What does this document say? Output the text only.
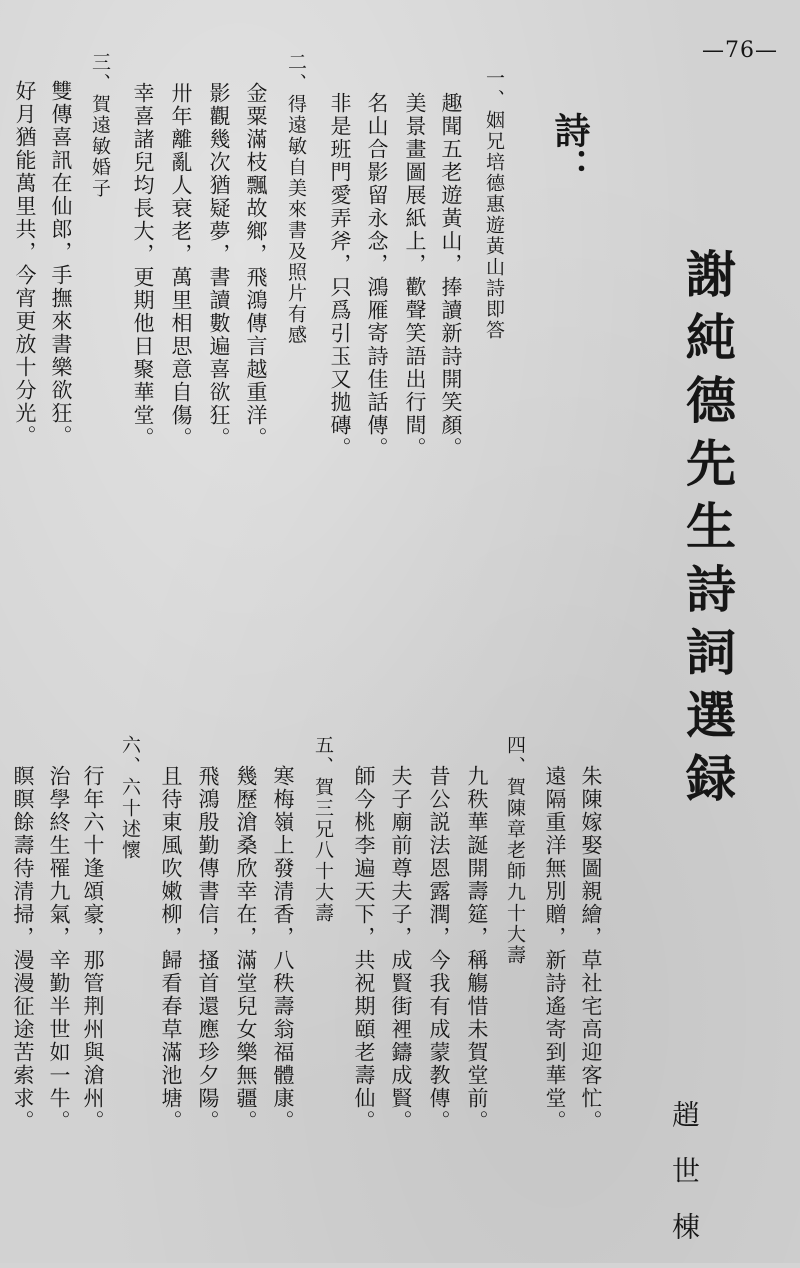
—76—
謝純德先生詩詞選録
趙世棟
詩：
一、姻兄培德惠遊黃山詩即答
趣聞五老遊黃山，捧讀新詩開笑顏。
美景畫圖展紙上，歡聲笑語出行間。
名山合影留永念，鴻雁寄詩佳話傳。
非是班門愛弄斧，只爲引玉又拋磚。
二、得遠敏自美來書及照片有感
金粟滿枝飄故鄉，飛鴻傳言越重洋。
影觀幾次猶疑夢，書讀數遍喜欲狂。
卅年離亂人衰老，萬里相思意自傷。
幸喜諸兒均長大，更期他日聚華堂。
三、賀遠敏婚子
雙傳喜訊在仙郎，手撫來書樂欲狂。
好月猶能萬里共，今宵更放十分光。
朱陳嫁娶圖親繪，草社宅高迎客忙。
遠隔重洋無別贈，新詩遙寄到華堂。
四、賀陳章老師九十大壽
九秩華誕開壽筵，稱觴惜未賀堂前。
昔公説法恩露潤，今我有成蒙教傳。
夫子廟前尊夫子，成賢街裡鑄成賢。
師今桃李遍天下，共祝期頤老壽仙。
五、賀三兄八十大壽
寒梅嶺上發清香，八秩壽翁福體康。
幾歷滄桑欣幸在，滿堂兒女樂無疆。
飛鴻殷勤傳書信，搔首還應珍夕陽。
且待東風吹嫩柳，歸看春草滿池塘。
六、六十述懷
行年六十逢頌豪，那管荆州與滄州。
治學終生罹九氣，辛勤半世如一牛。
瞑瞑餘壽待清掃，漫漫征途苦索求。
